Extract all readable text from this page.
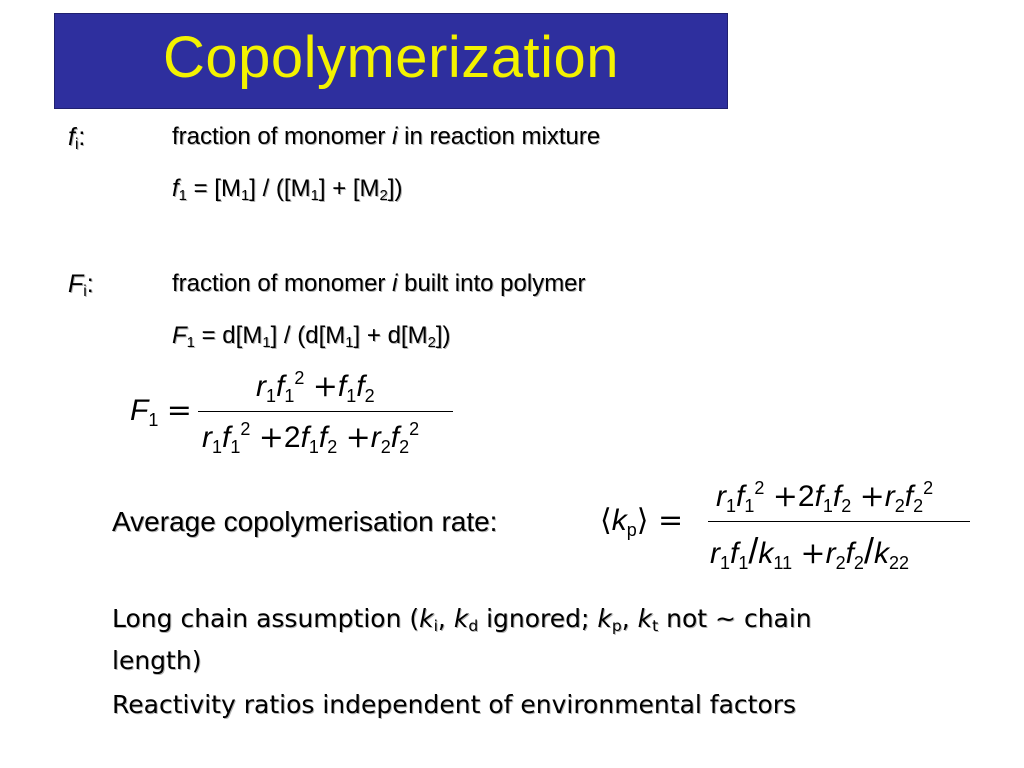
Copolymerization
$f_i$:	fraction of monomer i in reaction mixture
$f_1 = [M_1] / ([M_1] + [M_2])$
$F_i$:	fraction of monomer i built into polymer
$F_1 = d[M_1] / (d[M_1] + d[M_2])$
$F_1$ =
$r_1f_1^2 +f_1f_2$
$r_1f_1^2 +2f_1f_2 +r_2f_2^2$
Average copolymerisation rate:	$⟨k_p⟩$ =
$r_1f_1^2 +2f_1f_2 +r_2f_2^2$
$r_1f_1/k_{11} +r_2f_2/k_{22}$
Long chain assumption ($k_i$, $k_d$ ignored; $k_p$, $k_t$ not ~ chain
length)
Reactivity ratios independent of environmental factors
